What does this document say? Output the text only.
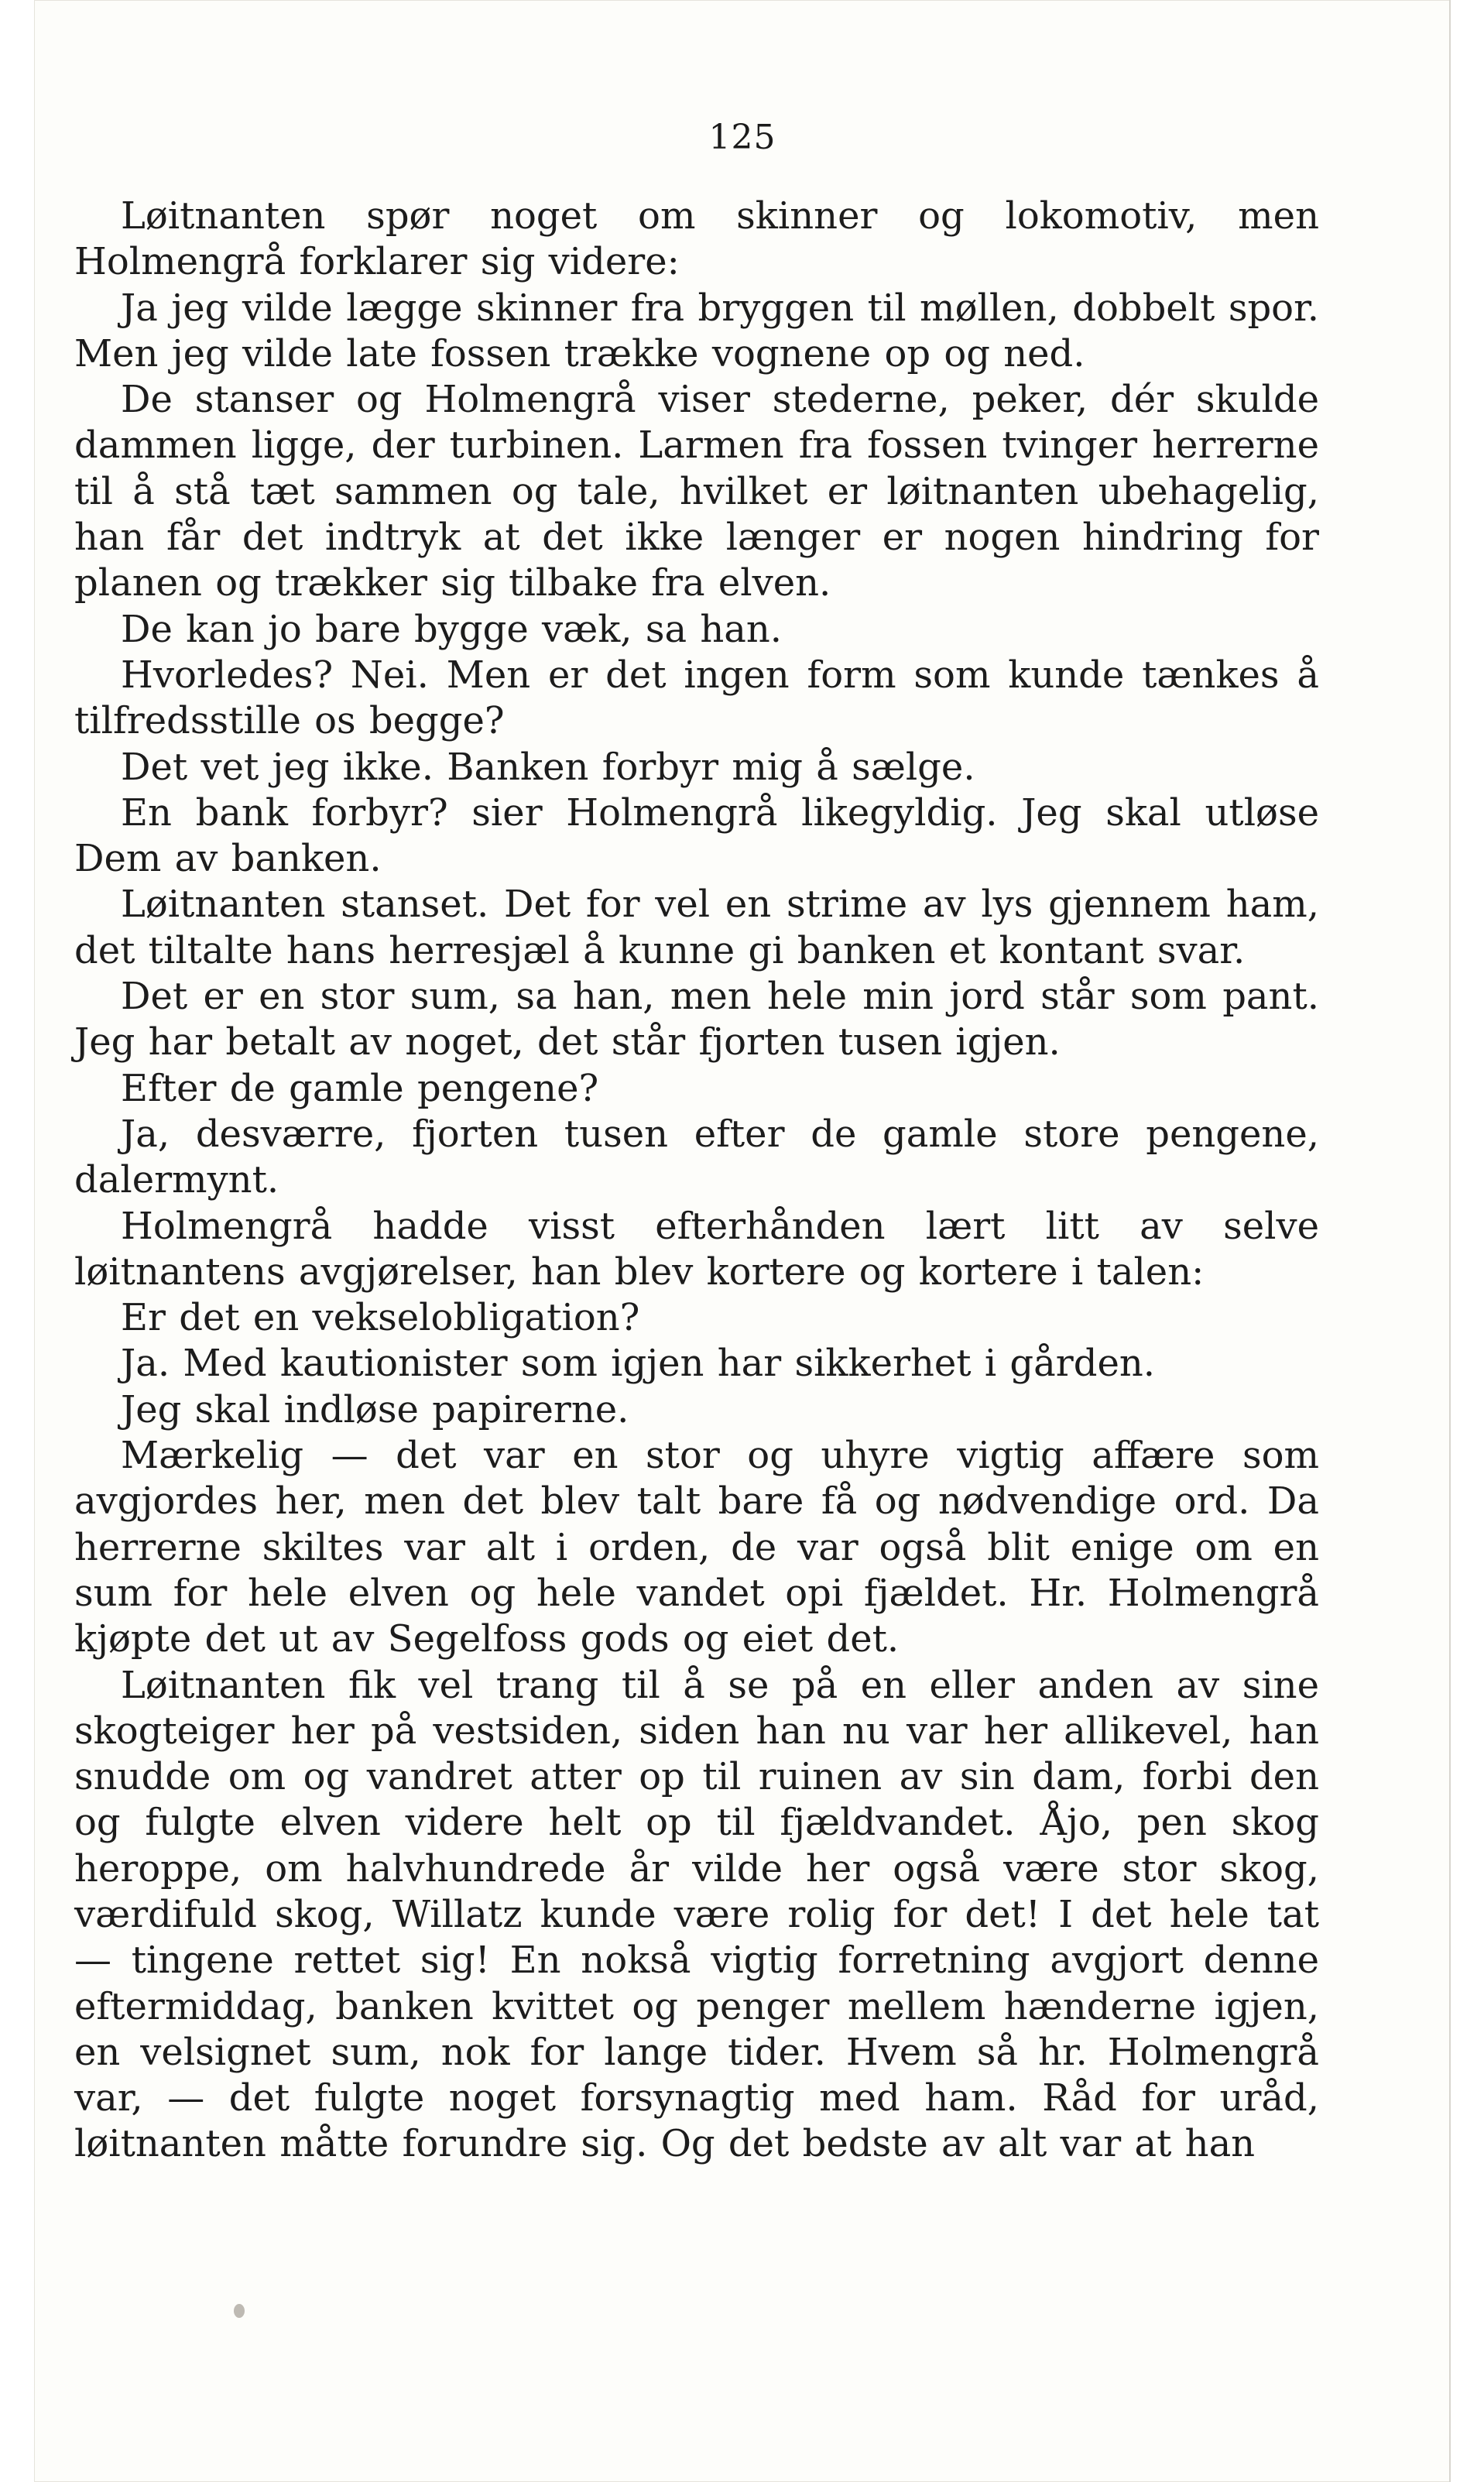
125

Løitnanten spør noget om skinner og lokomotiv, men Holmengrå forklarer sig videre:

Ja jeg vilde lægge skinner fra bryggen til møllen, dobbelt spor. Men jeg vilde late fossen trække vognene op og ned.

De stanser og Holmengrå viser stederne, peker, dér skulde dammen ligge, der turbinen. Larmen fra fossen tvinger herrerne til å stå tæt sammen og tale, hvilket er løitnanten ubehagelig, han får det indtryk at det ikke længer er nogen hindring for planen og trækker sig tilbake fra elven.

De kan jo bare bygge væk, sa han.

Hvorledes? Nei. Men er det ingen form som kunde tænkes å tilfredsstille os begge?

Det vet jeg ikke. Banken forbyr mig å sælge.

En bank forbyr? sier Holmengrå likegyldig. Jeg skal utløse Dem av banken.

Løitnanten stanset. Det for vel en strime av lys gjennem ham, det tiltalte hans herresjæl å kunne gi banken et kontant svar.

Det er en stor sum, sa han, men hele min jord står som pant. Jeg har betalt av noget, det står fjorten tusen igjen.

Efter de gamle pengene?

Ja, desværre, fjorten tusen efter de gamle store pengene, dalermynt.

Holmengrå hadde visst efterhånden lært litt av selve løitnantens avgjørelser, han blev kortere og kortere i talen:

Er det en vekselobligation?

Ja. Med kautionister som igjen har sikkerhet i gården.

Jeg skal indløse papirerne.

Mærkelig — det var en stor og uhyre vigtig affære som avgjordes her, men det blev talt bare få og nødvendige ord. Da herrerne skiltes var alt i orden, de var også blit enige om en sum for hele elven og hele vandet opi fjældet. Hr. Holmengrå kjøpte det ut av Segelfoss gods og eiet det.

Løitnanten fik vel trang til å se på en eller anden av sine skogteiger her på vestsiden, siden han nu var her allikevel, han snudde om og vandret atter op til ruinen av sin dam, forbi den og fulgte elven videre helt op til fjældvandet. Åjo, pen skog heroppe, om halvhundrede år vilde her også være stor skog, værdifuld skog, Willatz kunde være rolig for det! I det hele tat — tingene rettet sig! En nokså vigtig forretning avgjort denne eftermiddag, banken kvittet og penger mellem hænderne igjen, en velsignet sum, nok for lange tider. Hvem så hr. Holmengrå var, — det fulgte noget forsynagtig med ham. Råd for uråd, løitnanten måtte forundre sig. Og det bedste av alt var at han
